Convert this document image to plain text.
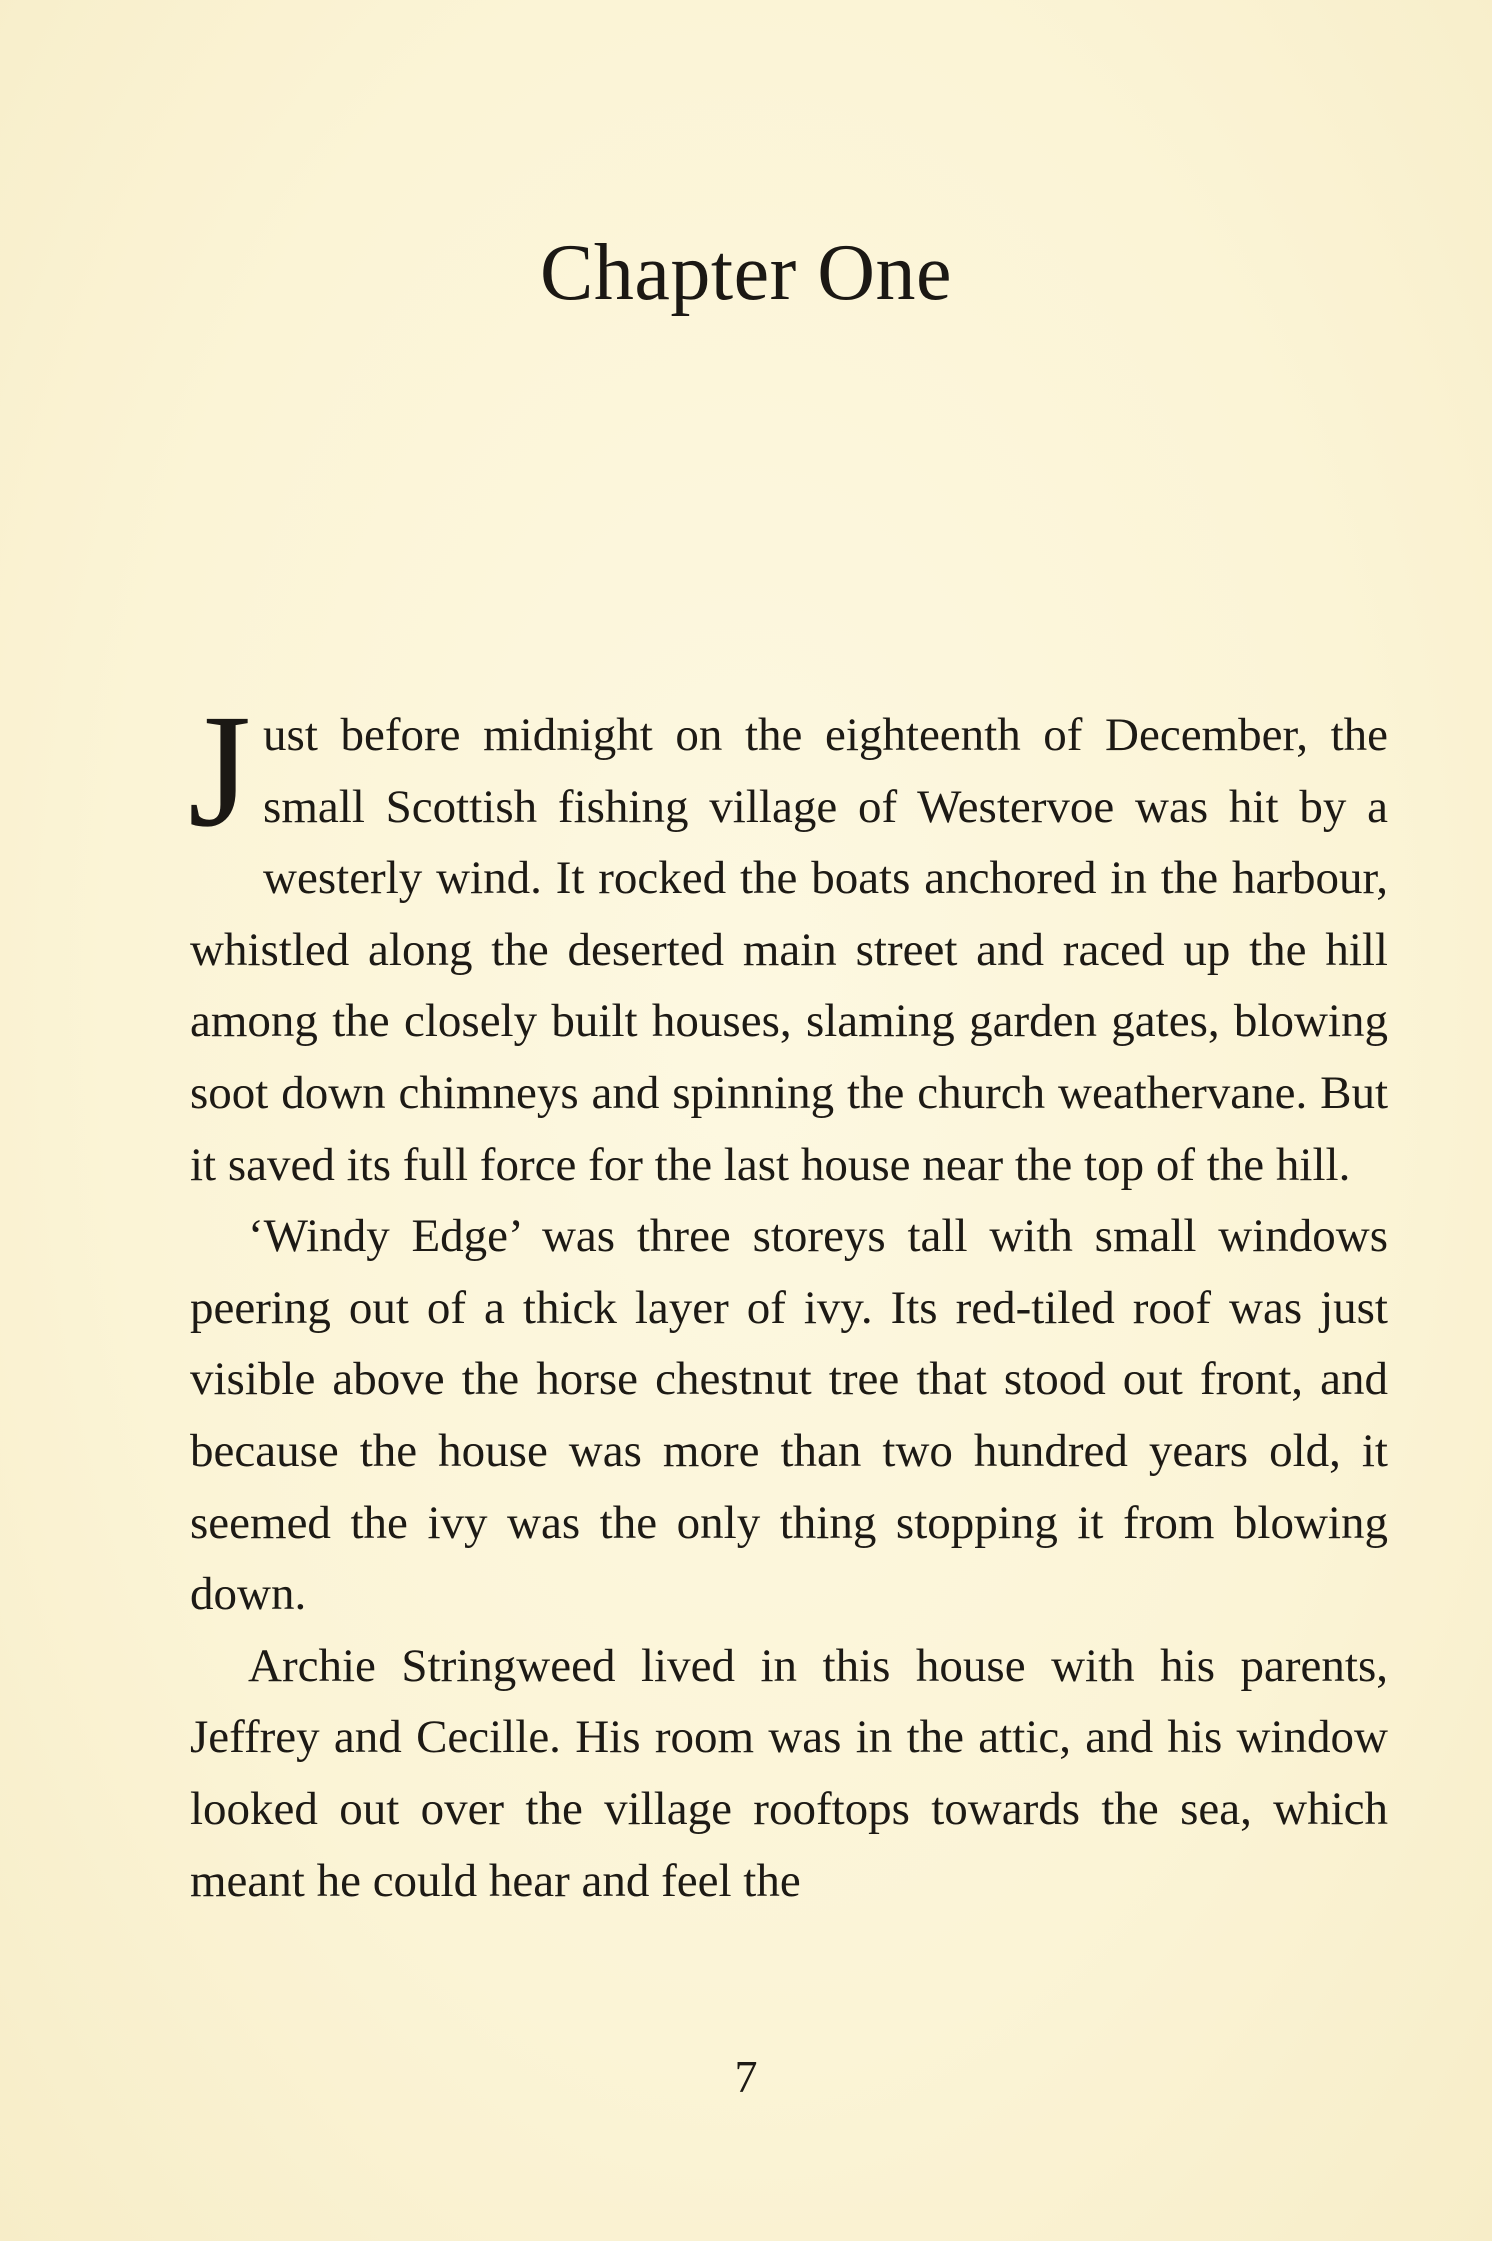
Chapter One

Just before midnight on the eighteenth of December, the small Scottish fishing village of Westervoe was hit by a westerly wind. It rocked the boats anchored in the harbour, whistled along the deserted main street and raced up the hill among the closely built houses, slaming garden gates, blowing soot down chimneys and spinning the church weathervane. But it saved its full force for the last house near the top of the hill.

‘Windy Edge’ was three storeys tall with small windows peering out of a thick layer of ivy. Its red-tiled roof was just visible above the horse chestnut tree that stood out front, and because the house was more than two hundred years old, it seemed the ivy was the only thing stopping it from blowing down.

Archie Stringweed lived in this house with his parents, Jeffrey and Cecille. His room was in the attic, and his window looked out over the village rooftops towards the sea, which meant he could hear and feel the

7
